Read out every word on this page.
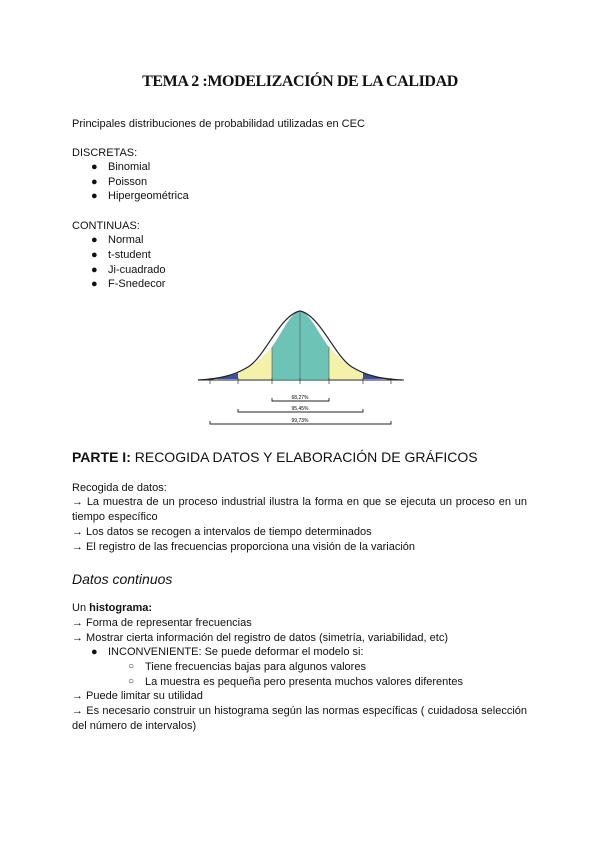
TEMA 2 :MODELIZACIÓN DE LA CALIDAD
Principales distribuciones de probabilidad utilizadas en CEC
DISCRETAS:
● Binomial
● Poisson
● Hipergeométrica
CONTINUAS:
● Normal
● t-student
● Ji-cuadrado
● F-Snedecor
68,27%
95,45%
99,73%
PARTE I: RECOGIDA DATOS Y ELABORACIÓN DE GRÁFICOS
Recogida de datos:
→ La muestra de un proceso industrial ilustra la forma en que se ejecuta un proceso en un tiempo específico
→ Los datos se recogen a intervalos de tiempo determinados
→ El registro de las frecuencias proporciona una visión de la variación
Datos continuos
Un histograma:
→ Forma de representar frecuencias
→ Mostrar cierta información del registro de datos (simetría, variabilidad, etc)
● INCONVENIENTE: Se puede deformar el modelo si:
○ Tiene frecuencias bajas para algunos valores
○ La muestra es pequeña pero presenta muchos valores diferentes
→ Puede limitar su utilidad
→ Es necesario construir un histograma según las normas específicas ( cuidadosa selección del número de intervalos)
